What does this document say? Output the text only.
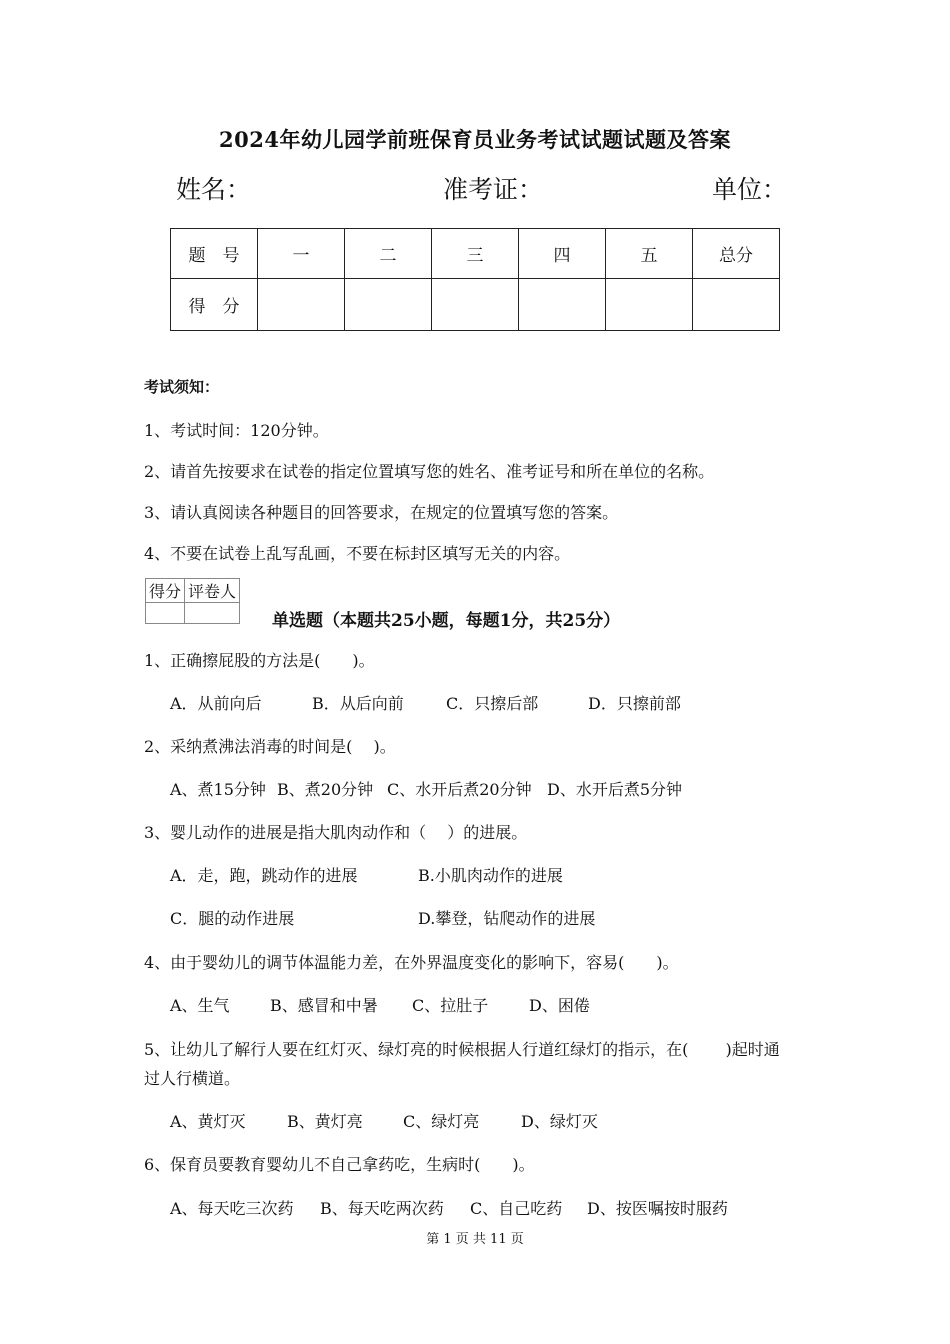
2024年幼儿园学前班保育员业务考试试题试题及答案
姓名：	准考证：	单位：
题　号	一	二	三	四	五	总分
得　分						
考试须知：
1、考试时间：120分钟。
2、请首先按要求在试卷的指定位置填写您的姓名、准考证号和所在单位的名称。
3、请认真阅读各种题目的回答要求，在规定的位置填写您的答案。
4、不要在试卷上乱写乱画，不要在标封区填写无关的内容。
得分	评卷人

单选题（本题共25小题，每题1分，共25分）
1、正确擦屁股的方法是(　　)。
A．从前向后	B．从后向前	C．只擦后部	D．只擦前部
2、采纳煮沸法消毒的时间是(　 )。
A、煮15分钟 B、煮20分钟 C、水开后煮20分钟 D、水开后煮5分钟
3、婴儿动作的进展是指大肌肉动作和（　 ）的进展。
A．走，跑，跳动作的进展	B.小肌肉动作的进展
C．腿的动作进展	D.攀登，钻爬动作的进展
4、由于婴幼儿的调节体温能力差，在外界温度变化的影响下，容易(　　)。
A、生气	B、感冒和中暑 C、拉肚子	D、困倦
5、让幼儿了解行人要在红灯灭、绿灯亮的时候根据人行道红绿灯的指示，在(　　 )起时通
过人行横道。
A、黄灯灭	B、黄灯亮	C、绿灯亮	D、绿灯灭
6、保育员要教育婴幼儿不自己拿药吃，生病时(　　)。
A、每天吃三次药 B、每天吃两次药 C、自己吃药 D、按医嘱按时服药
第 1 页 共 11 页
